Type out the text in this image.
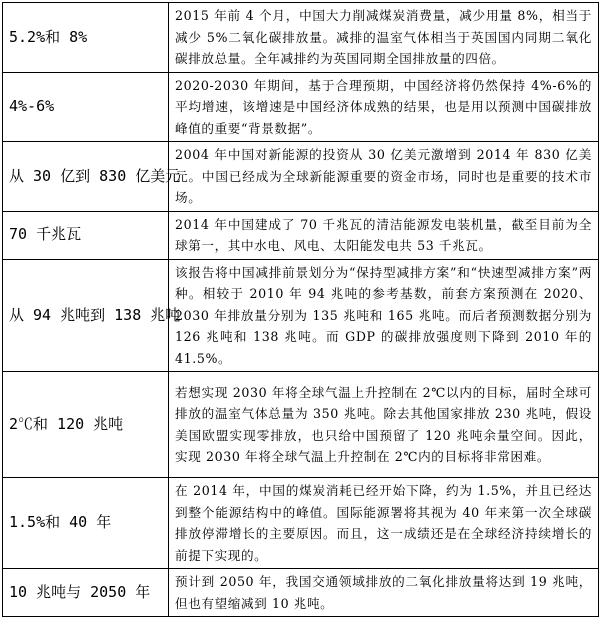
5.2%和 8%	2015 年前 4 个月，中国大力削减煤炭消费量，减少用量 8%，相当于减少 5%二氧化碳排放量。减排的温室气体相当于英国国内同期二氧化碳排放总量。全年减排约为英国同期全国排放量的四倍。
4%-6%	2020-2030 年期间，基于合理预期，中国经济将仍然保持 4%-6%的平均增速，该增速是中国经济体成熟的结果，也是用以预测中国碳排放峰值的重要“背景数据”。
从 30 亿到 830 亿美元	2004 年中国对新能源的投资从 30 亿美元激增到 2014 年 830 亿美元。中国已经成为全球新能源重要的资金市场，同时也是重要的技术市场。
70 千兆瓦	2014 年中国建成了 70 千兆瓦的清洁能源发电装机量，截至目前为全球第一，其中水电、风电、太阳能发电共 53 千兆瓦。
从 94 兆吨到 138 兆吨	该报告将中国减排前景划分为“保持型减排方案”和“快速型减排方案”两种。相较于 2010 年 94 兆吨的参考基数，前套方案预测在 2020、2030 年排放量分别为 135 兆吨和 165 兆吨。而后者预测数据分别为 126 兆吨和 138 兆吨。而 GDP 的碳排放强度则下降到 2010 年的 41.5%。
2℃和 120 兆吨	若想实现 2030 年将全球气温上升控制在 2℃以内的目标，届时全球可排放的温室气体总量为 350 兆吨。除去其他国家排放 230 兆吨，假设美国欧盟实现零排放，也只给中国预留了 120 兆吨余量空间。因此，实现 2030 年将全球气温上升控制在 2℃内的目标将非常困难。
1.5%和 40 年	在 2014 年，中国的煤炭消耗已经开始下降，约为 1.5%，并且已经达到整个能源结构中的峰值。国际能源署将其视为 40 年来第一次全球碳排放停滞增长的主要原因。而且，这一成绩还是在全球经济持续增长的前提下实现的。
10 兆吨与 2050 年	预计到 2050 年，我国交通领域排放的二氧化排放量将达到 19 兆吨，但也有望缩减到 10 兆吨。
